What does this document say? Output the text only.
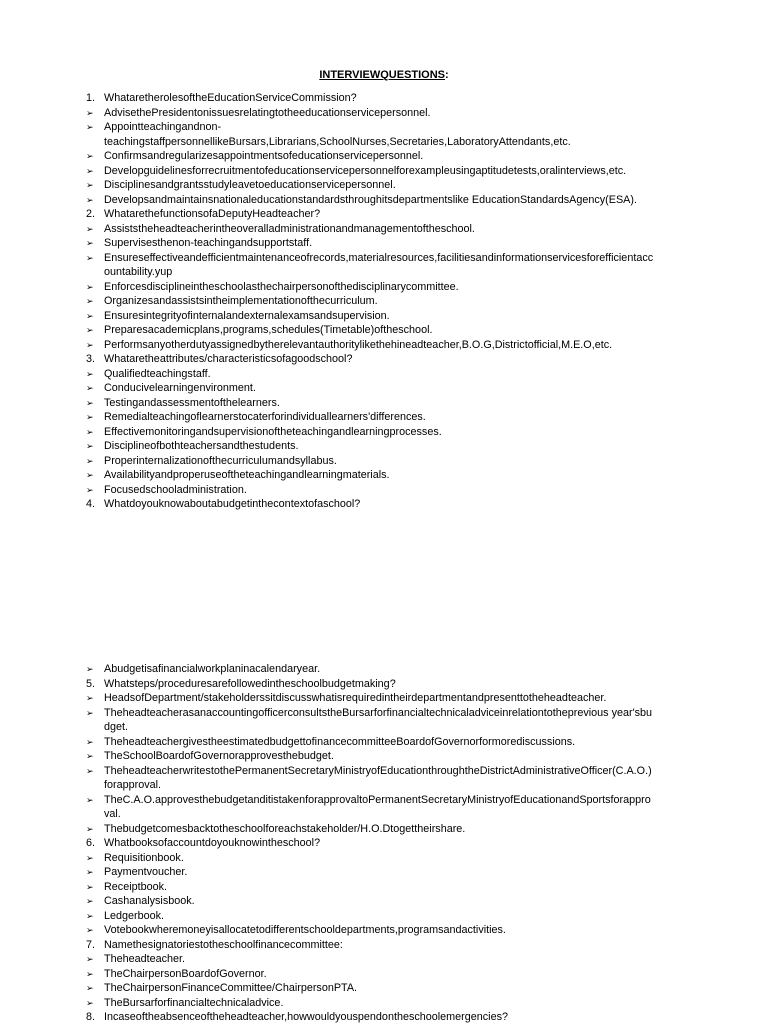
INTERVIEWQUESTIONS:
1. WhataretherolesoftheEducationServiceCommission?
➢ AdvisethePresidentonissuesrelatingtotheeducationservicepersonnel.
➢ Appointteachingandnon-
teachingstaffpersonnellikeBursars,Librarians,SchoolNurses,Secretaries,LaboratoryAttendants,etc.
➢ Confirmsandregularizesappointmentsofeducationservicepersonnel.
➢ Developguidelinesforrecruitmentofeducationservicepersonnelforexampleusingaptitudetests,oralinterviews,etc.
➢ Disciplinesandgrantsstudyleavetoeducationservicepersonnel.
➢ Developsandmaintainsnationaleducationstandardsthroughitsdepartmentslike EducationStandardsAgency(ESA).
2. WhatarethefunctionsofaDeputyHeadteacher?
➢ Assiststheheadteacherintheoveralladministrationandmanagementoftheschool.
➢ Supervisesthenon-teachingandsupportstaff.
➢ Ensureseffectiveandefficientmaintenanceofrecords,materialresources,facilitiesandinformationservicesforefficientacc
ountability.yup
➢ Enforcesdisciplineintheschoolasthechairpersonofthedisciplinarycommittee.
➢ Organizesandassistsintheimplementationofthecurriculum.
➢ Ensuresintegrityofinternalandexternalexamsandsupervision.
➢ Preparesacademicplans,programs,schedules(Timetable)oftheschool.
➢ Performsanyotherdutyassignedbytherelevantauthoritylikethehineadteacher,B.O.G,Districtofficial,M.E.O,etc.
3. Whataretheattributes/characteristicsofagoodschool?
➢ Qualifiedteachingstaff.
➢ Conducivelearningenvironment.
➢ Testingandassessmentofthelearners.
➢ Remedialteachingoflearnerstocaterforindividuallearners'differences.
➢ Effectivemonitoringandsupervisionoftheteachingandlearningprocesses.
➢ Disciplineofbothteachersandthestudents.
➢ Properinternalizationofthecurriculumandsyllabus.
➢ Availabilityandproperuseoftheteachingandlearningmaterials.
➢ Focusedschooladministration.
4. Whatdoyouknowaboutabudgetinthecontextofaschool?
➢ Abudgetisafinancialworkplaninacalendaryear.
5. Whatsteps/proceduresarefollowedintheschoolbudgetmaking?
➢ HeadsofDepartment/stakeholderssitdiscusswhatisrequiredintheirdepartmentandpresenttotheheadteacher.
➢ TheheadteacherasanaccountingofficerconsultstheBursarforfinancialtechnicaladviceinrelationtotheprevious year'sbu
dget.
➢ TheheadteachergivestheestimatedbudgettofinancecommitteeBoardofGovernorformorediscussions.
➢ TheSchoolBoardofGovernorapprovesthebudget.
➢ TheheadteacherwritestothePermanentSecretaryMinistryofEducationthroughtheDistrictAdministrativeOfficer(C.A.O.)
forapproval.
➢ TheC.A.O.approvesthebudgetanditistakenforapprovaltoPermanentSecretaryMinistryofEducationandSportsforappro
val.
➢ Thebudgetcomesbacktotheschoolforeachstakeholder/H.O.Dtogettheirshare.
6. Whatbooksofaccountdoyouknowintheschool?
➢ Requisitionbook.
➢ Paymentvoucher.
➢ Receiptbook.
➢ Cashanalysisbook.
➢ Ledgerbook.
➢ Votebookwheremoneyisallocatetodifferentschooldepartments,programsandactivities.
7. Namethesignatoriestotheschoolfinancecommittee:
➢ Theheadteacher.
➢ TheChairpersonBoardofGovernor.
➢ TheChairpersonFinanceCommittee/ChairpersonPTA.
➢ TheBursarforfinancialtechnicaladvice.
8. Incaseoftheabsenceoftheheadteacher,howwouldyouspendontheschoolemergencies?
